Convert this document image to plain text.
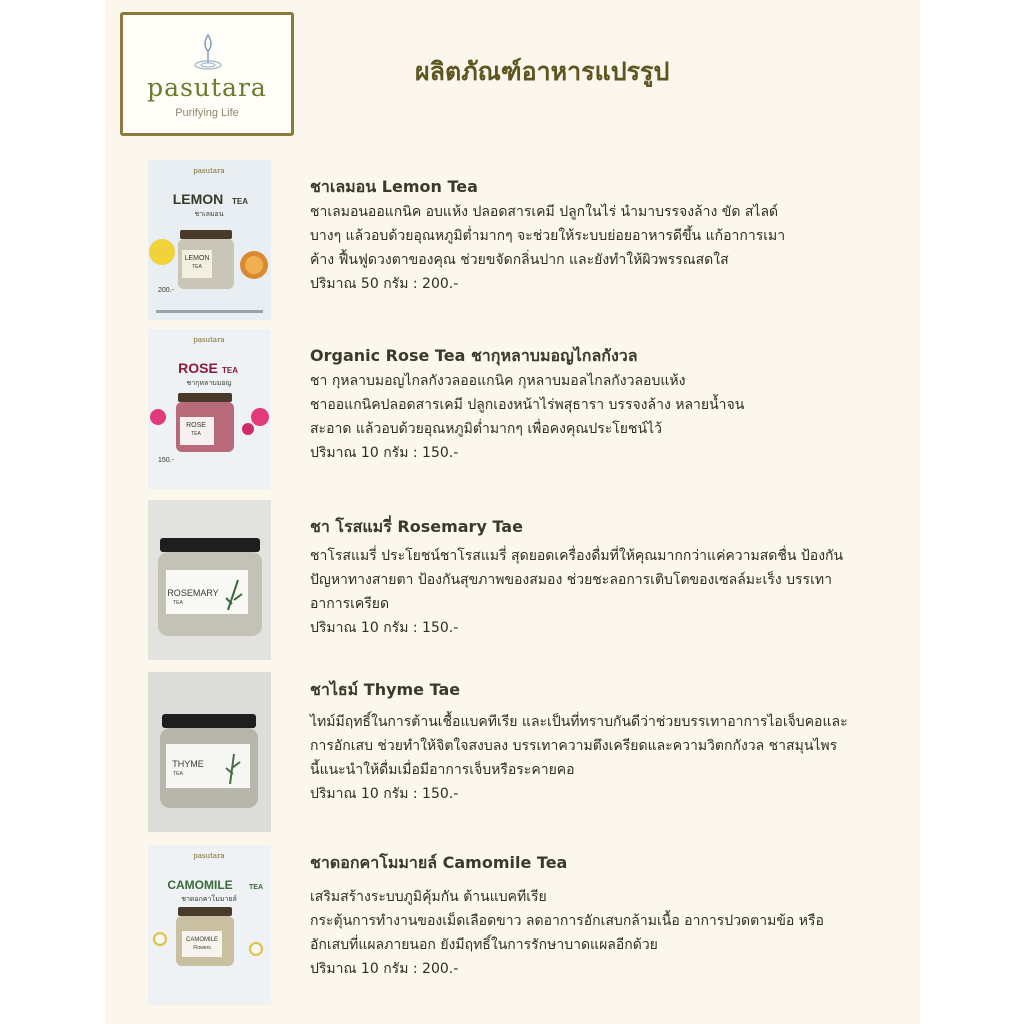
pasutara
Purifying Life
ผลิตภัณฑ์อาหารแปรรูป
pasutara
LEMON TEA
ชาเลมอน
LEMON
TEA
200.-
ชาเลมอน Lemon Tea
ชาเลมอนออแกนิค อบแห้ง ปลอดสารเคมี ปลูกในไร่ นำมาบรรจงล้าง ขัด สไลด์
บางๆ แล้วอบด้วยอุณหภูมิต่ำมากๆ จะช่วยให้ระบบย่อยอาหารดีขึ้น แก้อาการเมา
ค้าง ฟื้นฟูดวงตาของคุณ ช่วยขจัดกลิ่นปาก และยังทำให้ผิวพรรณสดใส
ปริมาณ 50 กรัม : 200.-
pasutara
ROSE TEA
ชากุหลาบมอญ
ROSE
TEA
150.-
Organic Rose Tea ชากุหลาบมอญไกลกังวล
ชา กุหลาบมอญไกลกังวลออแกนิค กุหลาบมอลไกลกังวลอบแห้ง
ชาออแกนิคปลอดสารเคมี ปลูกเองหน้าไร่พสุธารา บรรจงล้าง หลายน้ำจน
สะอาด แล้วอบด้วยอุณหภูมิต่ำมากๆ เพื่อคงคุณประโยชน์ไว้
ปริมาณ 10 กรัม : 150.-
ROSEMARY
TEA
ชา โรสแมรี่ Rosemary Tae
ชาโรสแมรี่ ประโยชน์ชาโรสแมรี่ สุดยอดเครื่องดื่มที่ให้คุณมากกว่าแค่ความสดชื่น ป้องกัน
ปัญหาทางสายตา ป้องกันสุขภาพของสมอง ช่วยชะลอการเติบโตของเซลล์มะเร็ง บรรเทา
อาการเครียด
ปริมาณ 10 กรัม : 150.-
THYME
TEA
ชาไธม์ Thyme Tae
ไทม์มีฤทธิ์ในการต้านเชื้อแบคทีเรีย และเป็นที่ทราบกันดีว่าช่วยบรรเทาอาการไอเจ็บคอและ
การอักเสบ ช่วยทำให้จิตใจสงบลง บรรเทาความตึงเครียดและความวิตกกังวล ชาสมุนไพร
นี้แนะนำให้ดื่มเมื่อมีอาการเจ็บหรือระคายคอ
ปริมาณ 10 กรัม : 150.-
pasutara
CAMOMILE TEA
ชาดอกคาโมมายล์
CAMOMILE
Flowers
ชาดอกคาโมมายล์ Camomile Tea
เสริมสร้างระบบภูมิคุ้มกัน ต้านแบคทีเรีย
กระตุ้นการทำงานของเม็ดเลือดขาว ลดอาการอักเสบกล้ามเนื้อ อาการปวดตามข้อ หรือ
อักเสบที่แผลภายนอก ยังมีฤทธิ์ในการรักษาบาดแผลอีกด้วย
ปริมาณ 10 กรัม : 200.-
